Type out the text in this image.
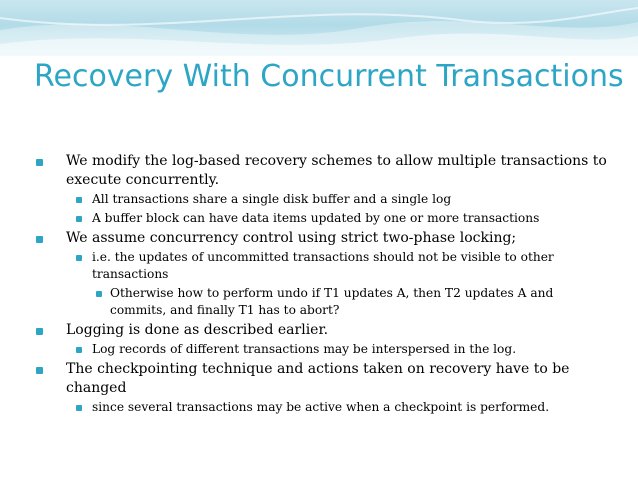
Recovery With Concurrent Transactions

We modify the log-based recovery schemes to allow multiple transactions to execute concurrently.

All transactions share a single disk buffer and a single log

A buffer block can have data items updated by one or more transactions

We assume concurrency control using strict two-phase locking;

i.e. the updates of uncommitted transactions should not be visible to other transactions

Otherwise how to perform undo if T1 updates A, then T2 updates A and commits, and finally T1 has to abort?

Logging is done as described earlier.

Log records of different transactions may be interspersed in the log.

The checkpointing technique and actions taken on recovery have to be changed

since several transactions may be active when a checkpoint is performed.
